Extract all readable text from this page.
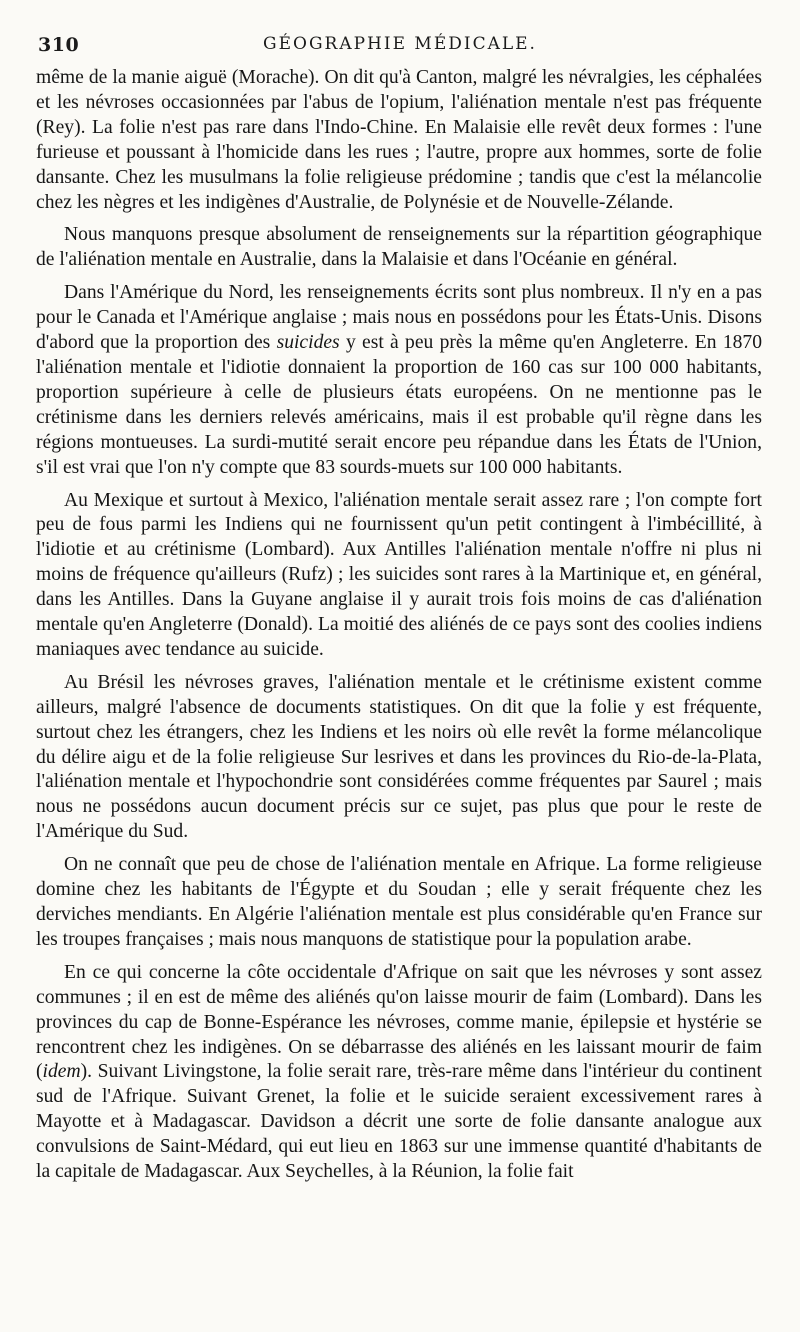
310	GÉOGRAPHIE MÉDICALE.

même de la manie aiguë (Morache). On dit qu'à Canton, malgré les névralgies, les céphalées et les névroses occasionnées par l'abus de l'opium, l'aliénation mentale n'est pas fréquente (Rey). La folie n'est pas rare dans l'Indo-Chine. En Malaisie elle revêt deux formes : l'une furieuse et poussant à l'homicide dans les rues ; l'autre, propre aux hommes, sorte de folie dansante. Chez les musulmans la folie religieuse prédomine ; tandis que c'est la mélancolie chez les nègres et les indigènes d'Australie, de Polynésie et de Nouvelle-Zélande.

Nous manquons presque absolument de renseignements sur la répartition géographique de l'aliénation mentale en Australie, dans la Malaisie et dans l'Océanie en général.

Dans l'Amérique du Nord, les renseignements écrits sont plus nombreux. Il n'y en a pas pour le Canada et l'Amérique anglaise ; mais nous en possédons pour les États-Unis. Disons d'abord que la proportion des suicides y est à peu près la même qu'en Angleterre. En 1870 l'aliénation mentale et l'idiotie donnaient la proportion de 160 cas sur 100 000 habitants, proportion supérieure à celle de plusieurs états européens. On ne mentionne pas le crétinisme dans les derniers relevés américains, mais il est probable qu'il règne dans les régions montueuses. La surdi-mutité serait encore peu répandue dans les États de l'Union, s'il est vrai que l'on n'y compte que 83 sourds-muets sur 100 000 habitants.

Au Mexique et surtout à Mexico, l'aliénation mentale serait assez rare ; l'on compte fort peu de fous parmi les Indiens qui ne fournissent qu'un petit contingent à l'imbécillité, à l'idiotie et au crétinisme (Lombard). Aux Antilles l'aliénation mentale n'offre ni plus ni moins de fréquence qu'ailleurs (Rufz) ; les suicides sont rares à la Martinique et, en général, dans les Antilles. Dans la Guyane anglaise il y aurait trois fois moins de cas d'aliénation mentale qu'en Angleterre (Donald). La moitié des aliénés de ce pays sont des coolies indiens maniaques avec tendance au suicide.

Au Brésil les névroses graves, l'aliénation mentale et le crétinisme existent comme ailleurs, malgré l'absence de documents statistiques. On dit que la folie y est fréquente, surtout chez les étrangers, chez les Indiens et les noirs où elle revêt la forme mélancolique du délire aigu et de la folie religieuse Sur lesrives et dans les provinces du Rio-de-la-Plata, l'aliénation mentale et l'hypochondrie sont considérées comme fréquentes par Saurel ; mais nous ne possédons aucun document précis sur ce sujet, pas plus que pour le reste de l'Amérique du Sud.

On ne connaît que peu de chose de l'aliénation mentale en Afrique. La forme religieuse domine chez les habitants de l'Égypte et du Soudan ; elle y serait fréquente chez les derviches mendiants. En Algérie l'aliénation mentale est plus considérable qu'en France sur les troupes françaises ; mais nous manquons de statistique pour la population arabe.

En ce qui concerne la côte occidentale d'Afrique on sait que les névroses y sont assez communes ; il en est de même des aliénés qu'on laisse mourir de faim (Lombard). Dans les provinces du cap de Bonne-Espérance les névroses, comme manie, épilepsie et hystérie se rencontrent chez les indigènes. On se débarrasse des aliénés en les laissant mourir de faim (idem). Suivant Livingstone, la folie serait rare, très-rare même dans l'intérieur du continent sud de l'Afrique. Suivant Grenet, la folie et le suicide seraient excessivement rares à Mayotte et à Madagascar. Davidson a décrit une sorte de folie dansante analogue aux convulsions de Saint-Médard, qui eut lieu en 1863 sur une immense quantité d'habitants de la capitale de Madagascar. Aux Seychelles, à la Réunion, la folie fait
